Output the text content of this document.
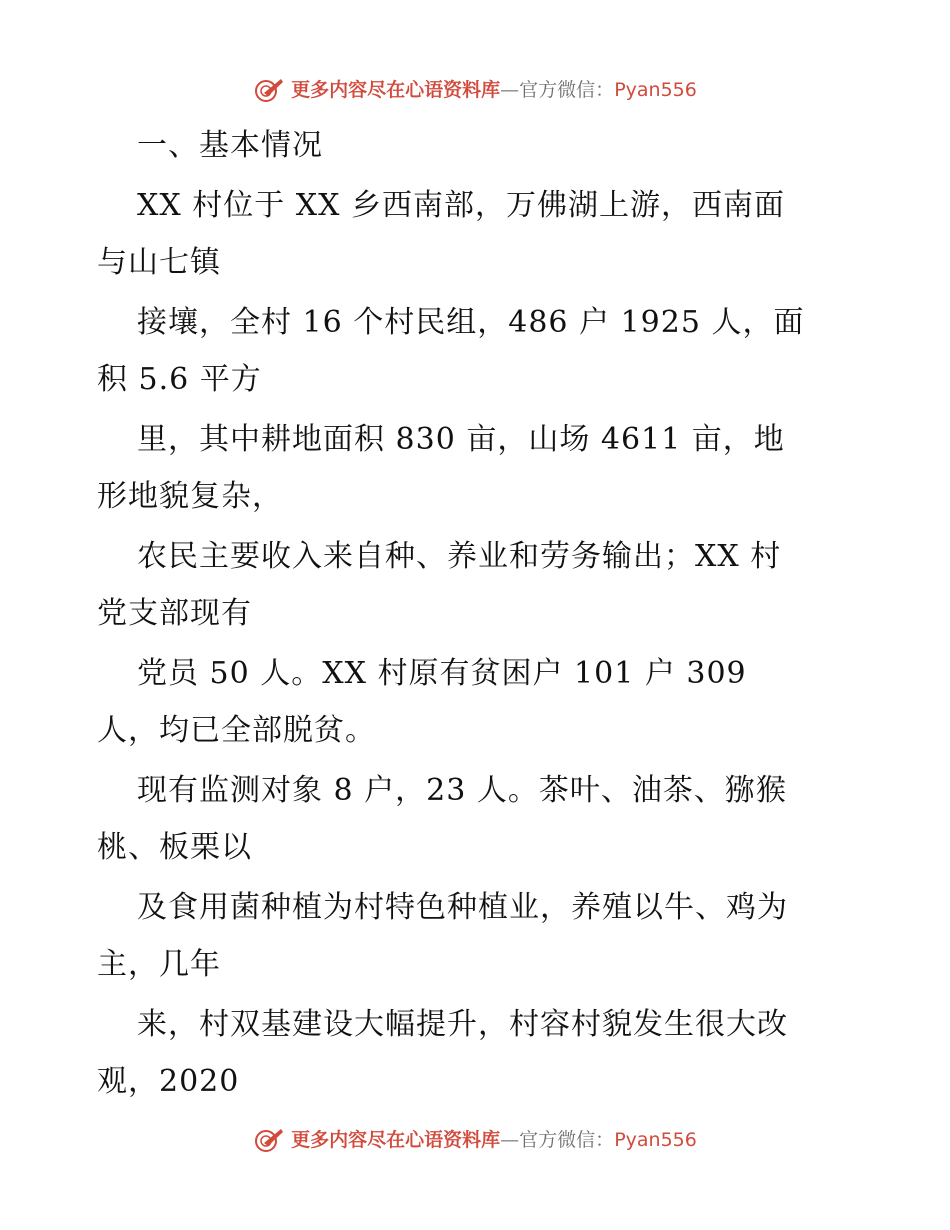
更多内容尽在心语资料库 — 官方微信： Pyan556
一、基本情况
XX 村位于 XX 乡西南部，万佛湖上游，西南面
与山七镇
接壤，全村 16 个村民组，486 户 1925 人，面
积 5.6 平方
里，其中耕地面积 830 亩，山场 4611 亩，地
形地貌复杂，
农民主要收入来自种、养业和劳务输出；XX 村
党支部现有
党员 50 人。XX 村原有贫困户 101 户 309
人，均已全部脱贫。
现有监测对象 8 户，23 人。茶叶、油茶、猕猴
桃、板栗以
及食用菌种植为村特色种植业，养殖以牛、鸡为
主，几年
来，村双基建设大幅提升，村容村貌发生很大改
观，2020
更多内容尽在心语资料库 — 官方微信： Pyan556
